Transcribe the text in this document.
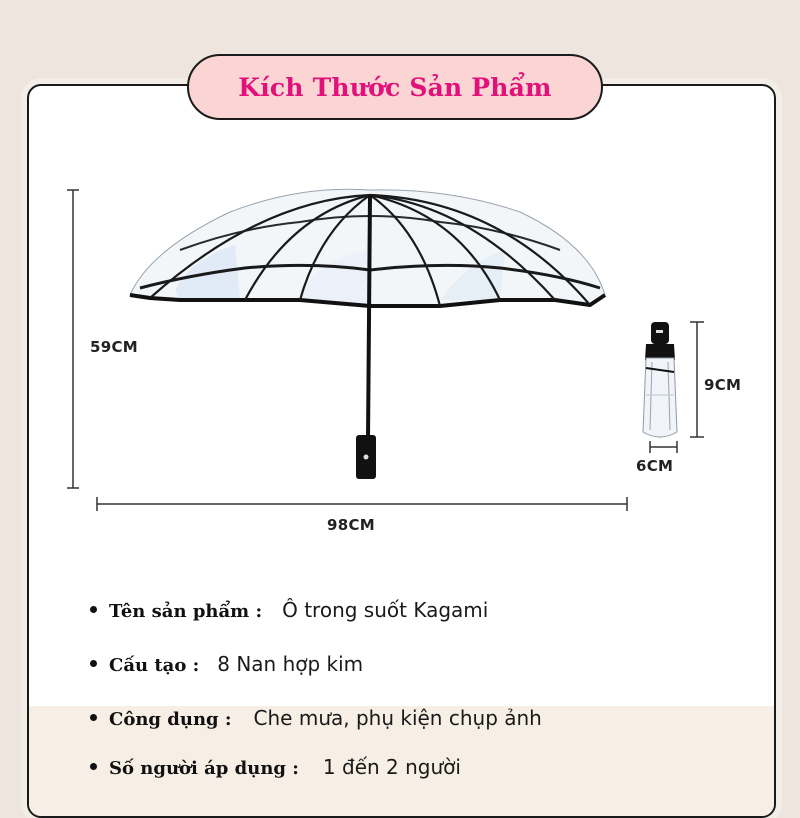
Kích Thước Sản Phẩm
59CM
98CM
9CM
6CM
Tên sản phẩm : Ô trong suốt Kagami
Cấu tạo : 8 Nan hợp kim
Công dụng : Che mưa, phụ kiện chụp ảnh
Số người áp dụng : 1 đến 2 người
